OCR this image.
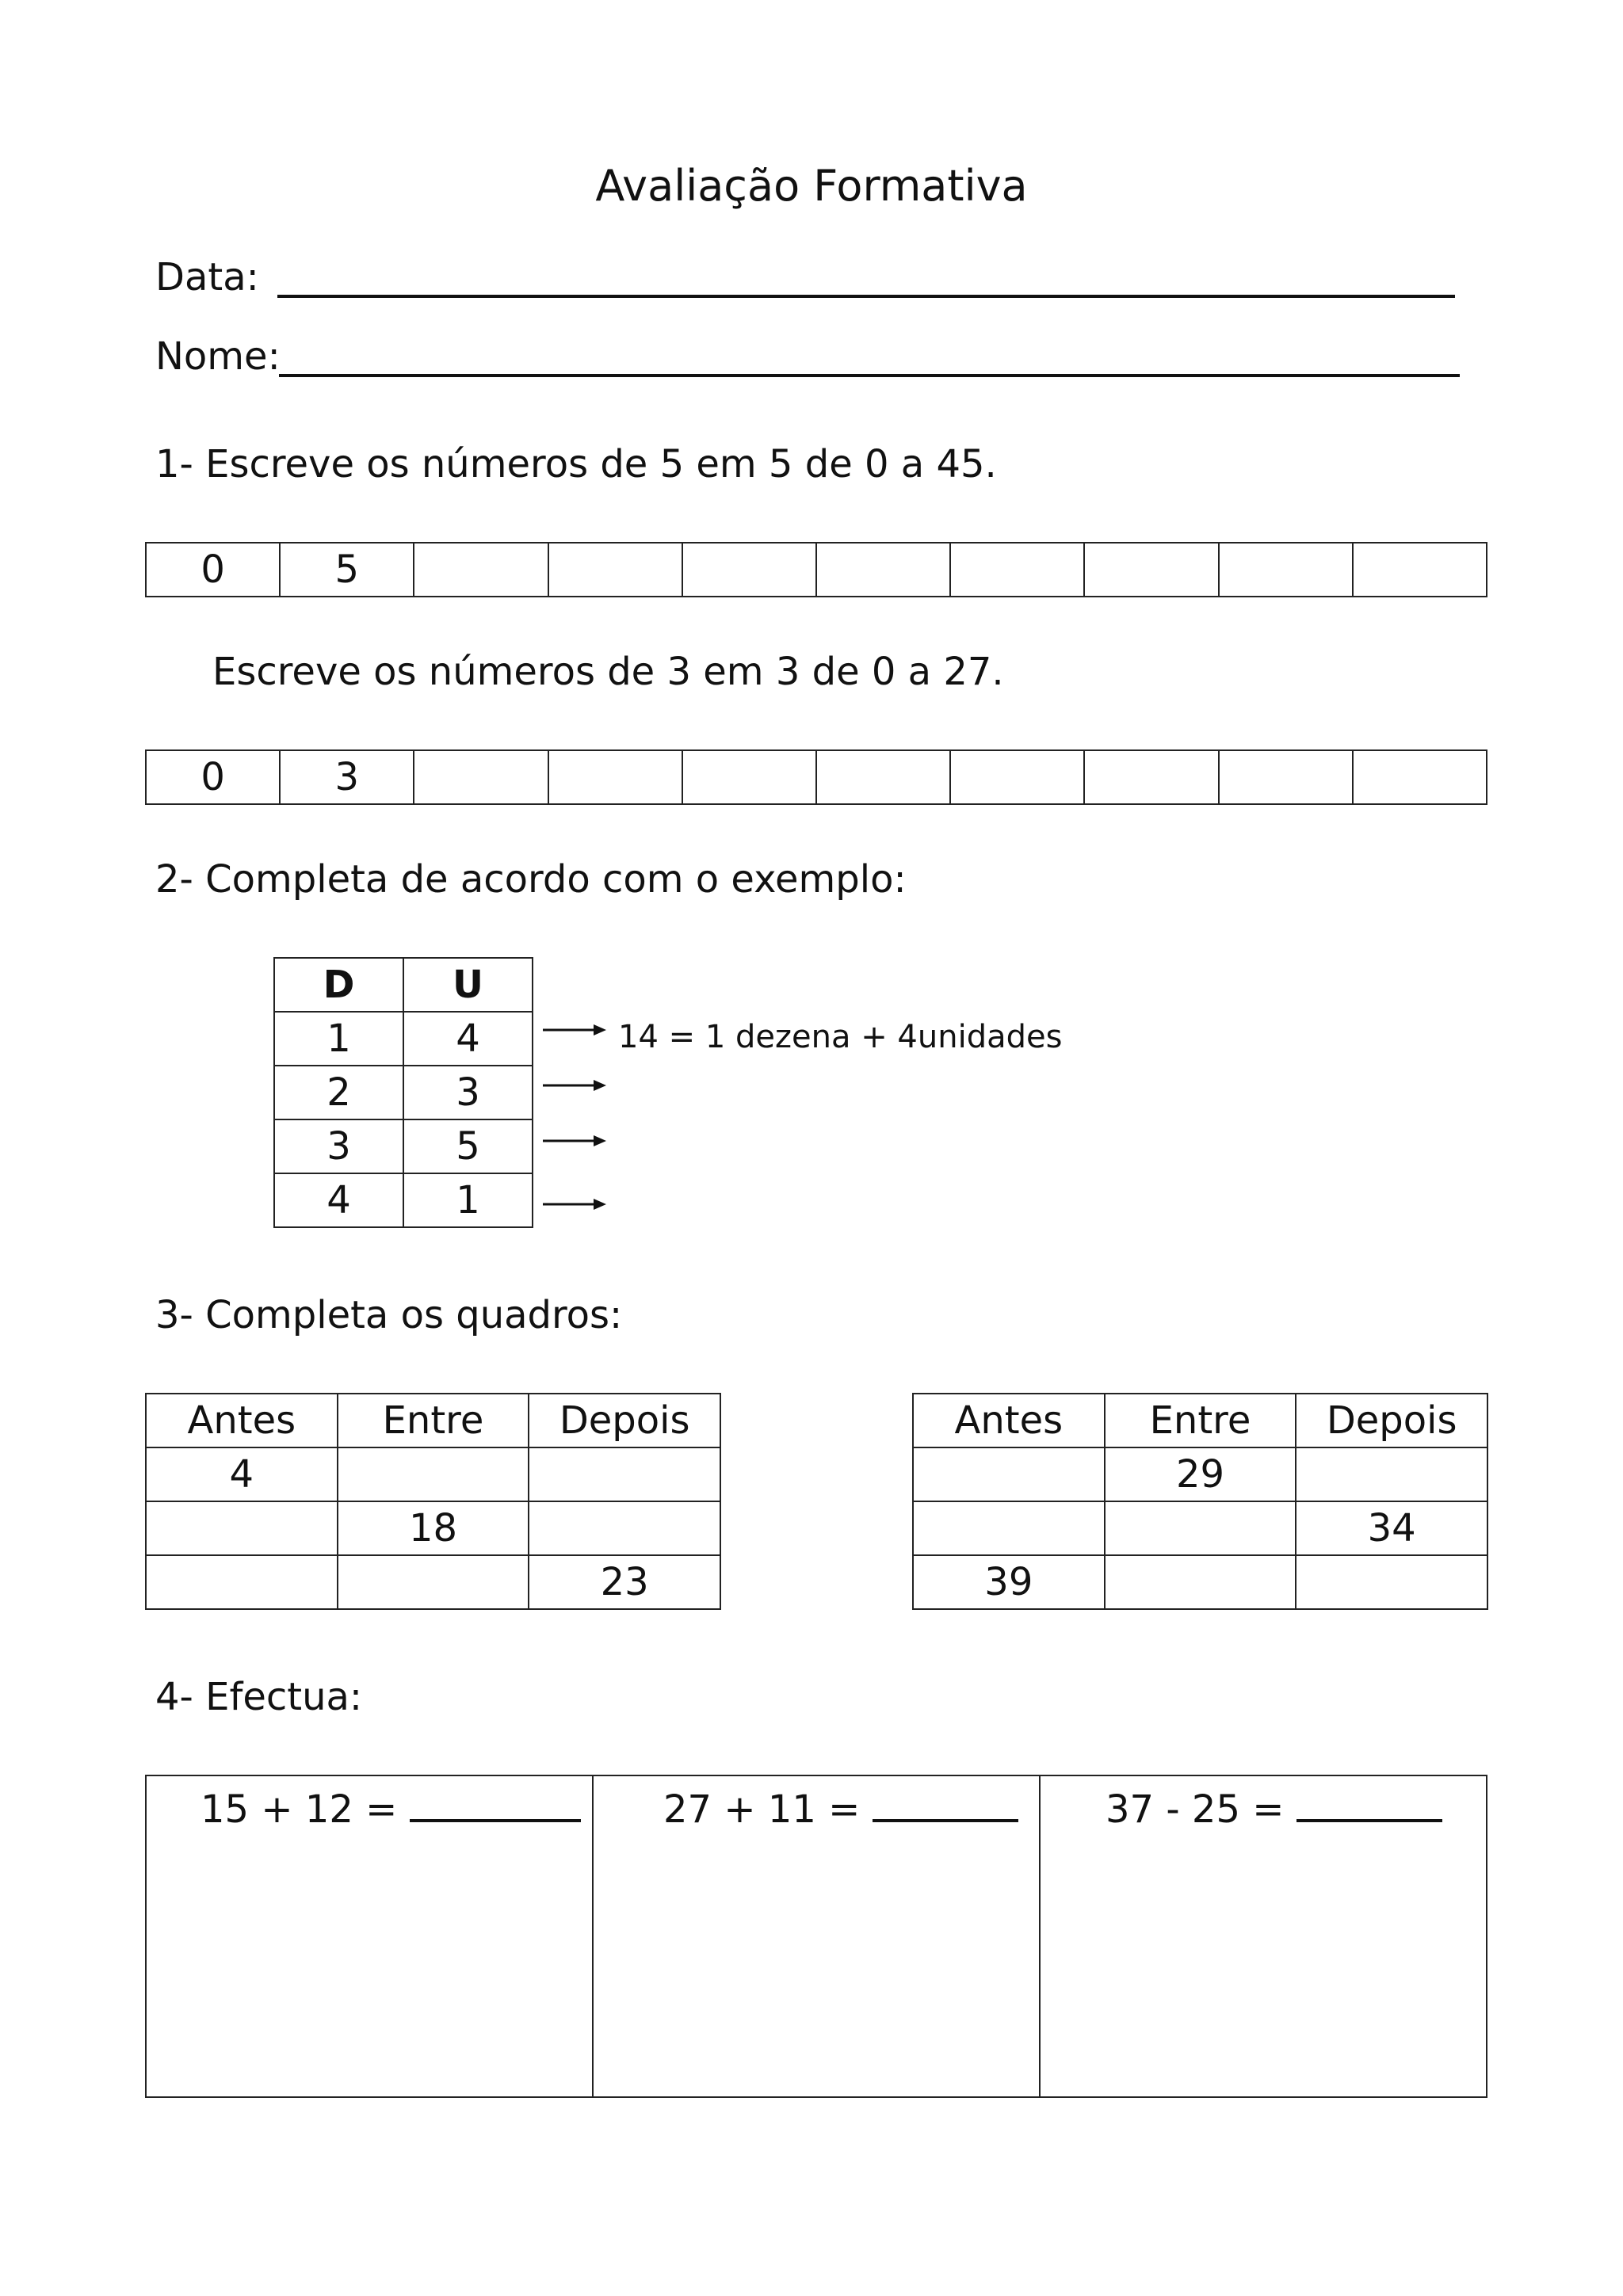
Avaliação Formativa
Data:
Nome:
1- Escreve os números de 5 em 5 de 0 a 45.
0	5								
Escreve os números de 3 em 3 de 0 a 27.
0	3								
2- Completa de acordo com o exemplo:
D	U
1	4
2	3
3	5
4	1
14 = 1 dezena + 4unidades
3- Completa os quadros:
Antes	Entre	Depois
4		
	18	
		23
Antes	Entre	Depois
	29	
		34
39		
4- Efectua:
15 + 12 =	27 + 11 =	37 - 25 =
